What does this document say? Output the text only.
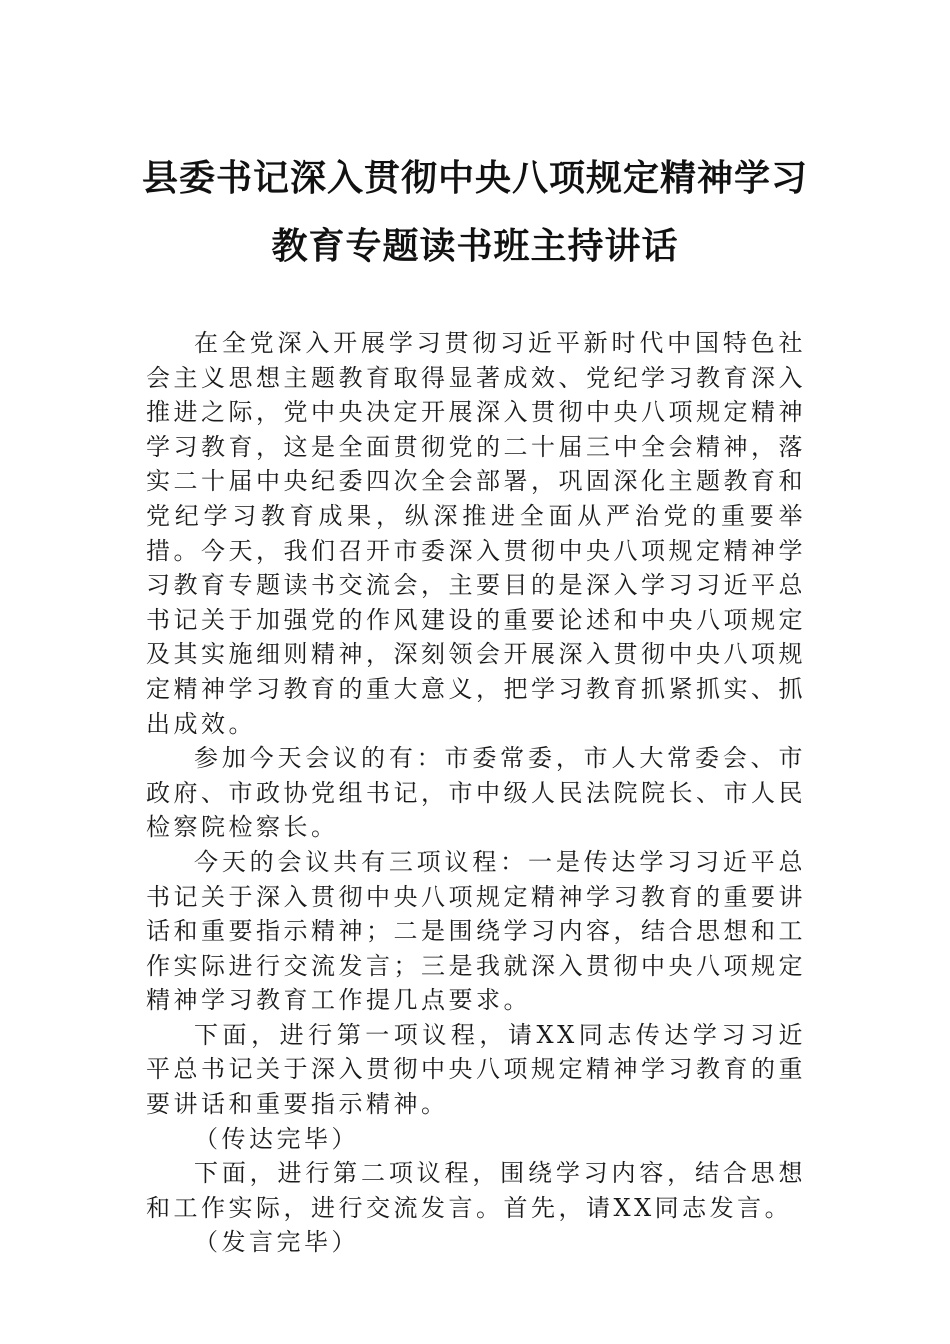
县委书记深入贯彻中央八项规定精神学习
教育专题读书班主持讲话

在全党深入开展学习贯彻习近平新时代中国特色社会主义思想主题教育取得显著成效、党纪学习教育深入推进之际，党中央决定开展深入贯彻中央八项规定精神学习教育，这是全面贯彻党的二十届三中全会精神，落实二十届中央纪委四次全会部署，巩固深化主题教育和党纪学习教育成果，纵深推进全面从严治党的重要举措。今天，我们召开市委深入贯彻中央八项规定精神学习教育专题读书交流会，主要目的是深入学习习近平总书记关于加强党的作风建设的重要论述和中央八项规定及其实施细则精神，深刻领会开展深入贯彻中央八项规定精神学习教育的重大意义，把学习教育抓紧抓实、抓出成效。

参加今天会议的有：市委常委，市人大常委会、市政府、市政协党组书记，市中级人民法院院长、市人民检察院检察长。

今天的会议共有三项议程：一是传达学习习近平总书记关于深入贯彻中央八项规定精神学习教育的重要讲话和重要指示精神；二是围绕学习内容，结合思想和工作实际进行交流发言；三是我就深入贯彻中央八项规定精神学习教育工作提几点要求。

下面，进行第一项议程，请XX同志传达学习习近平总书记关于深入贯彻中央八项规定精神学习教育的重要讲话和重要指示精神。

（传达完毕）

下面，进行第二项议程，围绕学习内容，结合思想和工作实际，进行交流发言。首先，请XX同志发言。

（发言完毕）
